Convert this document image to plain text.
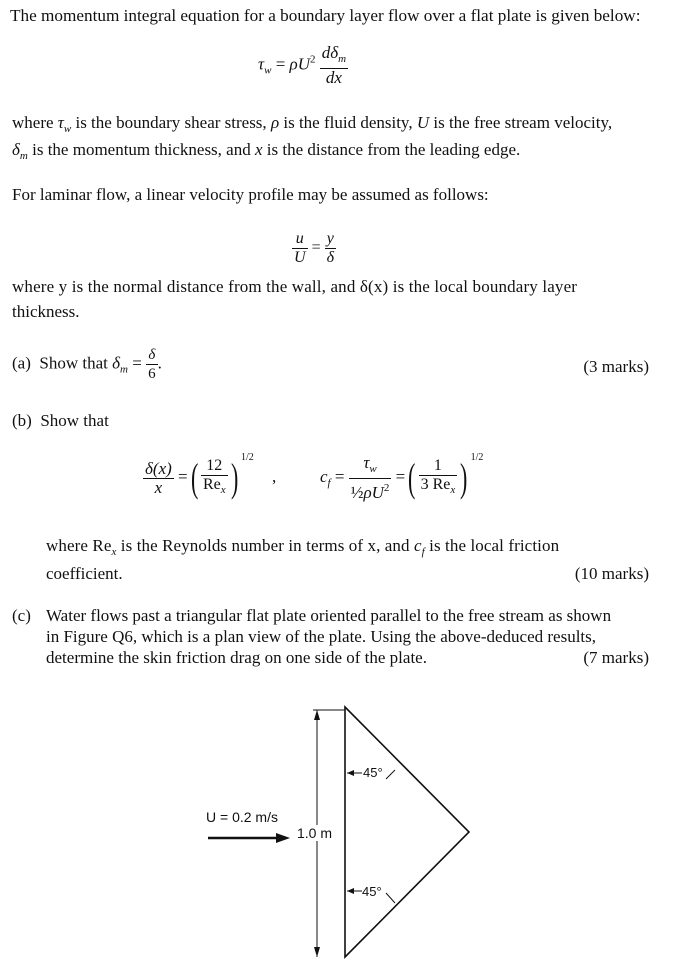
The momentum integral equation for a boundary layer flow over a flat plate is given below:
$\tau_w = \rho U^2 \frac{d\delta_m}{dx}$
where $\tau_w$ is the boundary shear stress, ρ is the fluid density, U is the free stream velocity,
$\delta_m$ is the momentum thickness, and x is the distance from the leading edge.
For laminar flow, a linear velocity profile may be assumed as follows:
$\frac{u}{U} = \frac{y}{\delta}$
where y is the normal distance from the wall, and δ(x) is the local boundary layer
thickness.
(a) Show that $\delta_m = \frac{\delta}{6}$ .	(3 marks)
(b) Show that
$\frac{\delta(x)}{x}$ =( $\frac{12}{Re_x}$ ) $^{1/2}$ ,	$c_f = \frac{\tau_w}{\frac{1}{2}\rho U^2}$ =( $\frac{1}{3 Re_x}$ ) $^{1/2}$
where $Re_x$ is the Reynolds number in terms of x, and $c_f$ is the local friction
coefficient.	(10 marks)
(c) Water flows past a triangular flat plate oriented parallel to the free stream as shown
in Figure Q6, which is a plan view of the plate. Using the above-deduced results,
determine the skin friction drag on one side of the plate.	(7 marks)
U = 0.2 m/s
1.0 m
45°
45°
